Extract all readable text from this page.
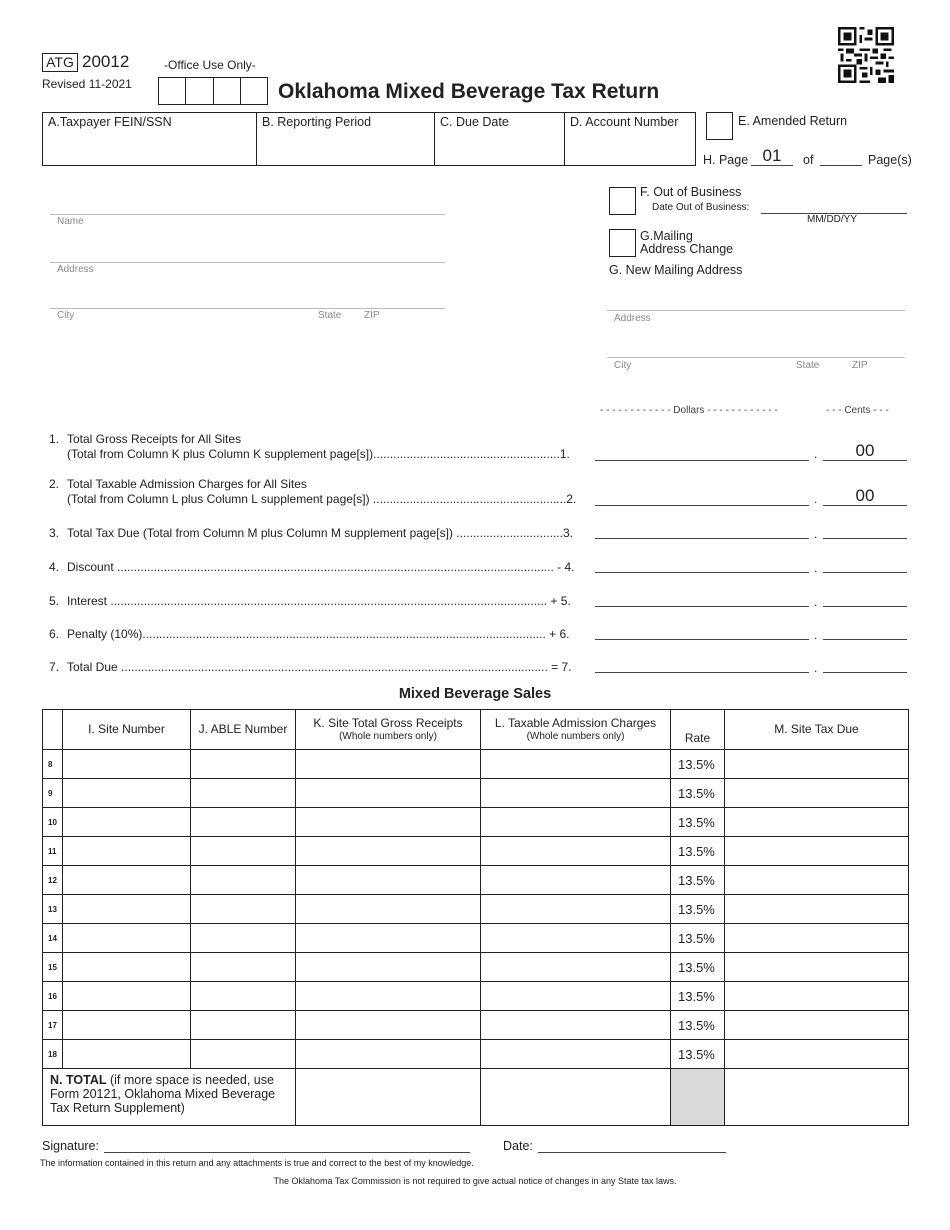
ATG 20012
Revised 11-2021
-Office Use Only-
Oklahoma Mixed Beverage Tax Return
A.Taxpayer FEIN/SSN	B. Reporting Period	C. Due Date	D. Account Number	E. Amended Return
H. Page 01	of	Page(s)
Name
Address
City	State ZIP
F. Out of Business
Date Out of Business:
MM/DD/YY
G.Mailing
Address Change
G. New Mailing Address
Address
City	State	ZIP
- - - - - - - - - - - - Dollars - - - - - - - - - - - -	- - - Cents - - -
1. Total Gross Receipts for All Sites
(Total from Column K plus Column K supplement page[s])........................................................1.	.	00
2. Total Taxable Admission Charges for All Sites
(Total from Column L plus Column L supplement page[s]) ..........................................................2.	.	00
3. Total Tax Due (Total from Column M plus Column M supplement page[s]) ................................3.	.
4. Discount ................................................................................................................................... - 4.	.
5. Interest ................................................................................................................................... + 5.	.
6. Penalty (10%)......................................................................................................................... + 6.	.
7. Total Due ................................................................................................................................ = 7.	.
Mixed Beverage Sales
	I. Site Number	J. ABLE Number	K. Site Total Gross Receipts
(Whole numbers only)	L. Taxable Admission Charges
(Whole numbers only)	Rate	M. Site Tax Due
8					13.5%	
9					13.5%	
10					13.5%	
11					13.5%	
12					13.5%	
13					13.5%	
14					13.5%	
15					13.5%	
16					13.5%	
17					13.5%	
18					13.5%	
N. TOTAL (if more space is needed, use Form 20121, Oklahoma Mixed Beverage Tax Return Supplement)						
Signature:	Date:
The information contained in this return and any attachments is true and correct to the best of my knowledge.
The Oklahoma Tax Commission is not required to give actual notice of changes in any State tax laws.
